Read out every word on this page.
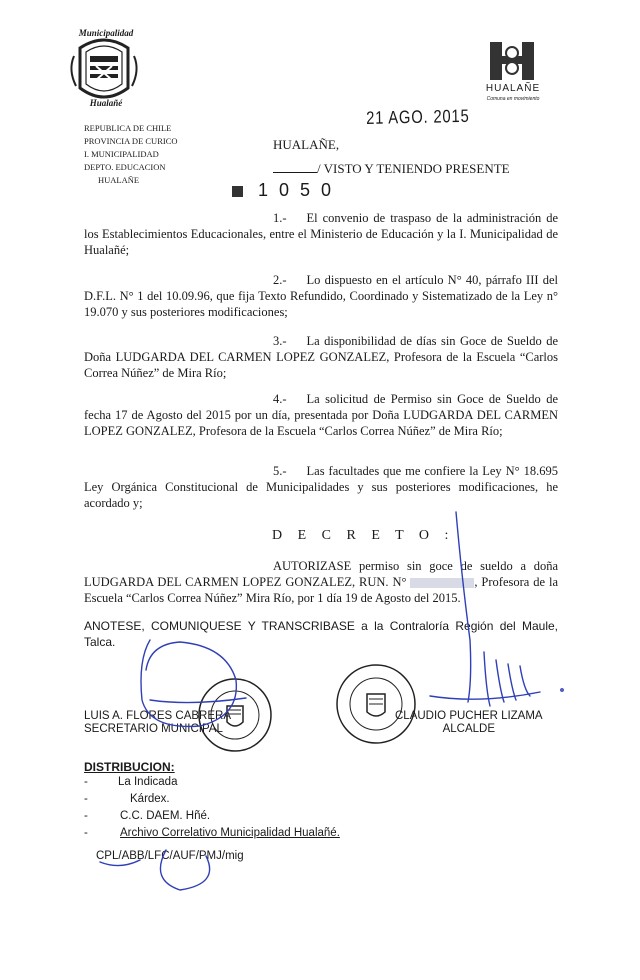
Municipalidad
Hualañé
HUALAÑE
Comuna en movimiento
REPUBLICA DE CHILE
PROVINCIA DE CURICO
I. MUNICIPALIDAD
DEPTO. EDUCACION
HUALAÑE
21 AGO. 2015
HUALAÑE,
/ VISTO Y TENIENDO PRESENTE
1 0 5 0
1.- El convenio de traspaso de la administración de los Establecimientos Educacionales, entre el Ministerio de Educación y la I. Municipalidad de Hualañé;
2.- Lo dispuesto en el artículo N° 40, párrafo III del D.F.L. N° 1 del 10.09.96, que fija Texto Refundido, Coordinado y Sistematizado de la Ley n° 19.070 y sus posteriores modificaciones;
3.- La disponibilidad de días sin Goce de Sueldo de Doña LUDGARDA DEL CARMEN LOPEZ GONZALEZ, Profesora de la Escuela “Carlos Correa Núñez” de Mira Río;
4.- La solicitud de Permiso sin Goce de Sueldo de fecha 17 de Agosto del 2015 por un día, presentada por Doña LUDGARDA DEL CARMEN LOPEZ GONZALEZ, Profesora de la Escuela “Carlos Correa Núñez” de Mira Río;
5.- Las facultades que me confiere la Ley N° 18.695 Ley Orgánica Constitucional de Municipalidades y sus posteriores modificaciones, he acordado y;
D E C R E T O :
AUTORIZASE permiso sin goce de sueldo a doña LUDGARDA DEL CARMEN LOPEZ GONZALEZ, RUN. N°	, Profesora de la Escuela “Carlos Correa Núñez” Mira Río, por 1 día 19 de Agosto del 2015.
ANOTESE, COMUNIQUESE Y TRANSCRIBASE a la Contraloría Región del Maule, Talca.
LUIS A. FLORES CABRERA
SECRETARIO MUNICIPAL
CLAUDIO PUCHER LIZAMA
ALCALDE
DISTRIBUCION:
-	La Indicada
-	Kárdex.
-	C.C. DAEM. Hñé.
-	Archivo Correlativo Municipalidad Hualañé.
CPL/ABB/LFC/AUF/PMJ/mig
